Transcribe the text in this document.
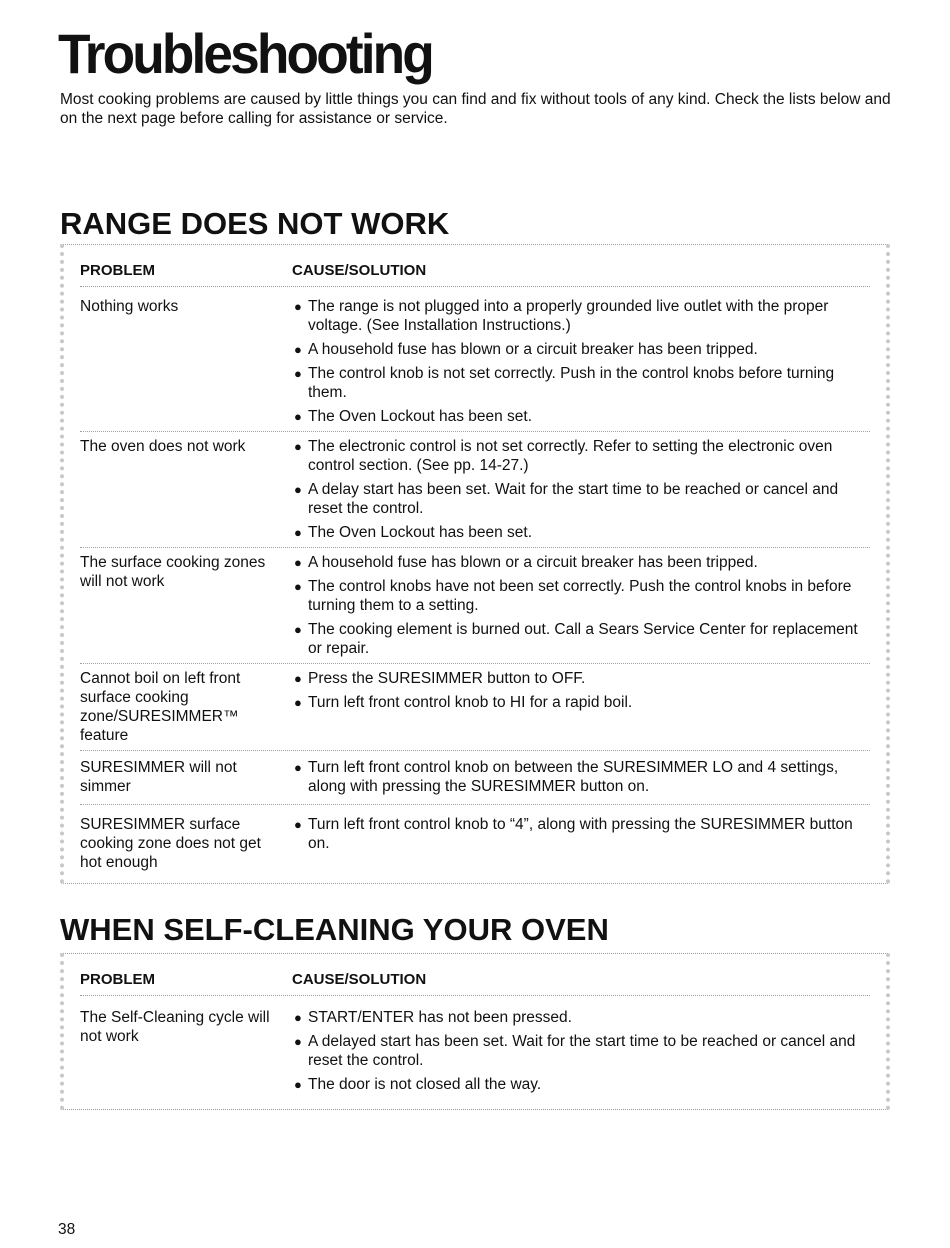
Troubleshooting

Most cooking problems are caused by little things you can find and fix without tools of any kind. Check the lists below and on the next page before calling for assistance or service.

RANGE DOES NOT WORK
PROBLEM	CAUSE/SOLUTION
Nothing works	● The range is not plugged into a properly grounded live outlet with the proper voltage. (See Installation Instructions.)
● A household fuse has blown or a circuit breaker has been tripped.
● The control knob is not set correctly. Push in the control knobs before turning them.
● The Oven Lockout has been set.
The oven does not work	● The electronic control is not set correctly. Refer to setting the electronic oven control section. (See pp. 14-27.)
● A delay start has been set. Wait for the start time to be reached or cancel and reset the control.
● The Oven Lockout has been set.
The surface cooking zones will not work
● A household fuse has blown or a circuit breaker has been tripped.
● The control knobs have not been set correctly. Push the control knobs in before turning them to a setting.
● The cooking element is burned out. Call a Sears Service Center for replacement or repair.
Cannot boil on left front surface cooking zone/SURESIMMER™ feature
● Press the SURESIMMER button to OFF.
● Turn left front control knob to HI for a rapid boil.
SURESIMMER will not simmer
● Turn left front control knob on between the SURESIMMER LO and 4 settings, along with pressing the SURESIMMER button on.
SURESIMMER surface cooking zone does not get hot enough
● Turn left front control knob to “4”, along with pressing the SURESIMMER button on.
WHEN SELF-CLEANING YOUR OVEN
PROBLEM	CAUSE/SOLUTION
The Self-Cleaning cycle will not work
● START/ENTER has not been pressed.
● A delayed start has been set. Wait for the start time to be reached or cancel and reset the control.
● The door is not closed all the way.

38
